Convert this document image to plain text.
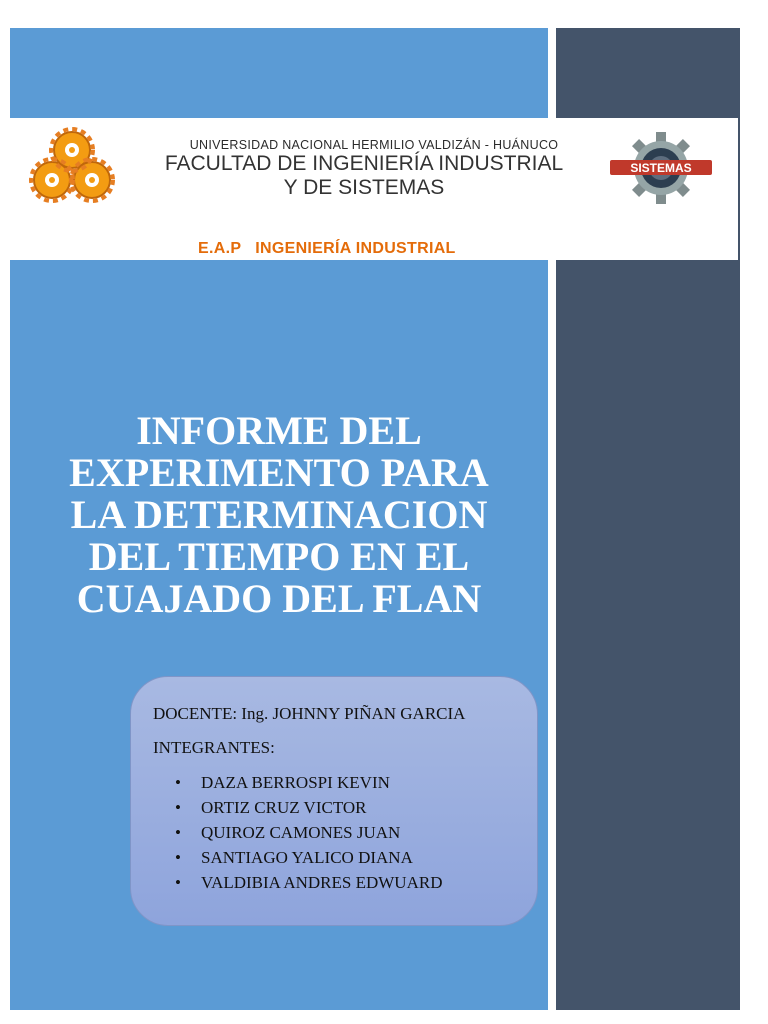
UNIVERSIDAD NACIONAL HERMILIO VALDIZÁN - HUÁNUCO
FACULTAD DE INGENIERÍA INDUSTRIAL
Y DE SISTEMAS
SISTEMAS
E.A.P INGENIERÍA INDUSTRIAL
INFORME DEL
EXPERIMENTO PARA
LA DETERMINACION
DEL TIEMPO EN EL
CUAJADO DEL FLAN
DOCENTE: Ing. JOHNNY PIÑAN GARCIA
INTEGRANTES:
• DAZA BERROSPI KEVIN
• ORTIZ CRUZ VICTOR
• QUIROZ CAMONES JUAN
• SANTIAGO YALICO DIANA
• VALDIBIA ANDRES EDWUARD
